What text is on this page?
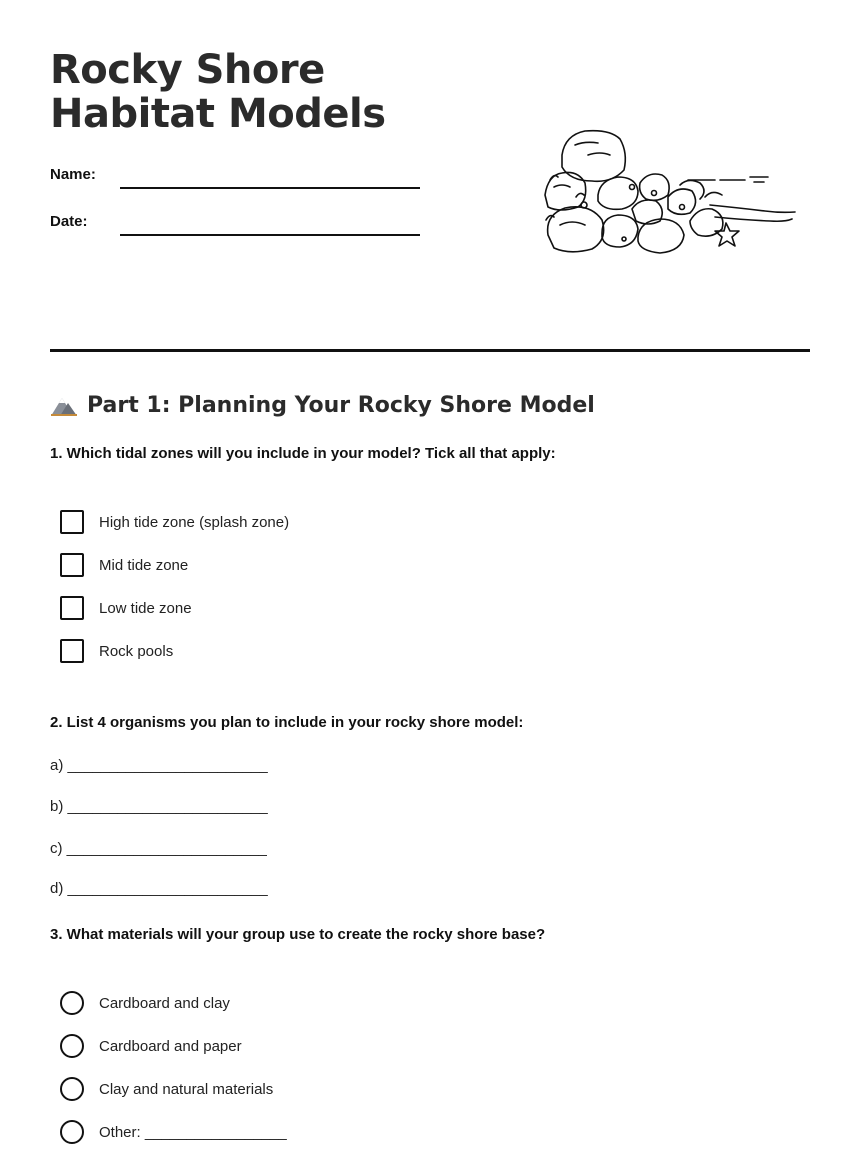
Rocky Shore Habitat Models
Name:
Date:
Part 1: Planning Your Rocky Shore Model
1. Which tidal zones will you include in your model? Tick all that apply:
High tide zone (splash zone)
Mid tide zone
Low tide zone
Rock pools
2. List 4 organisms you plan to include in your rocky shore model:
a) ________________________
b) ________________________
c) ________________________
d) ________________________
3. What materials will your group use to create the rocky shore base?
Cardboard and clay
Cardboard and paper
Clay and natural materials
Other: _________________
